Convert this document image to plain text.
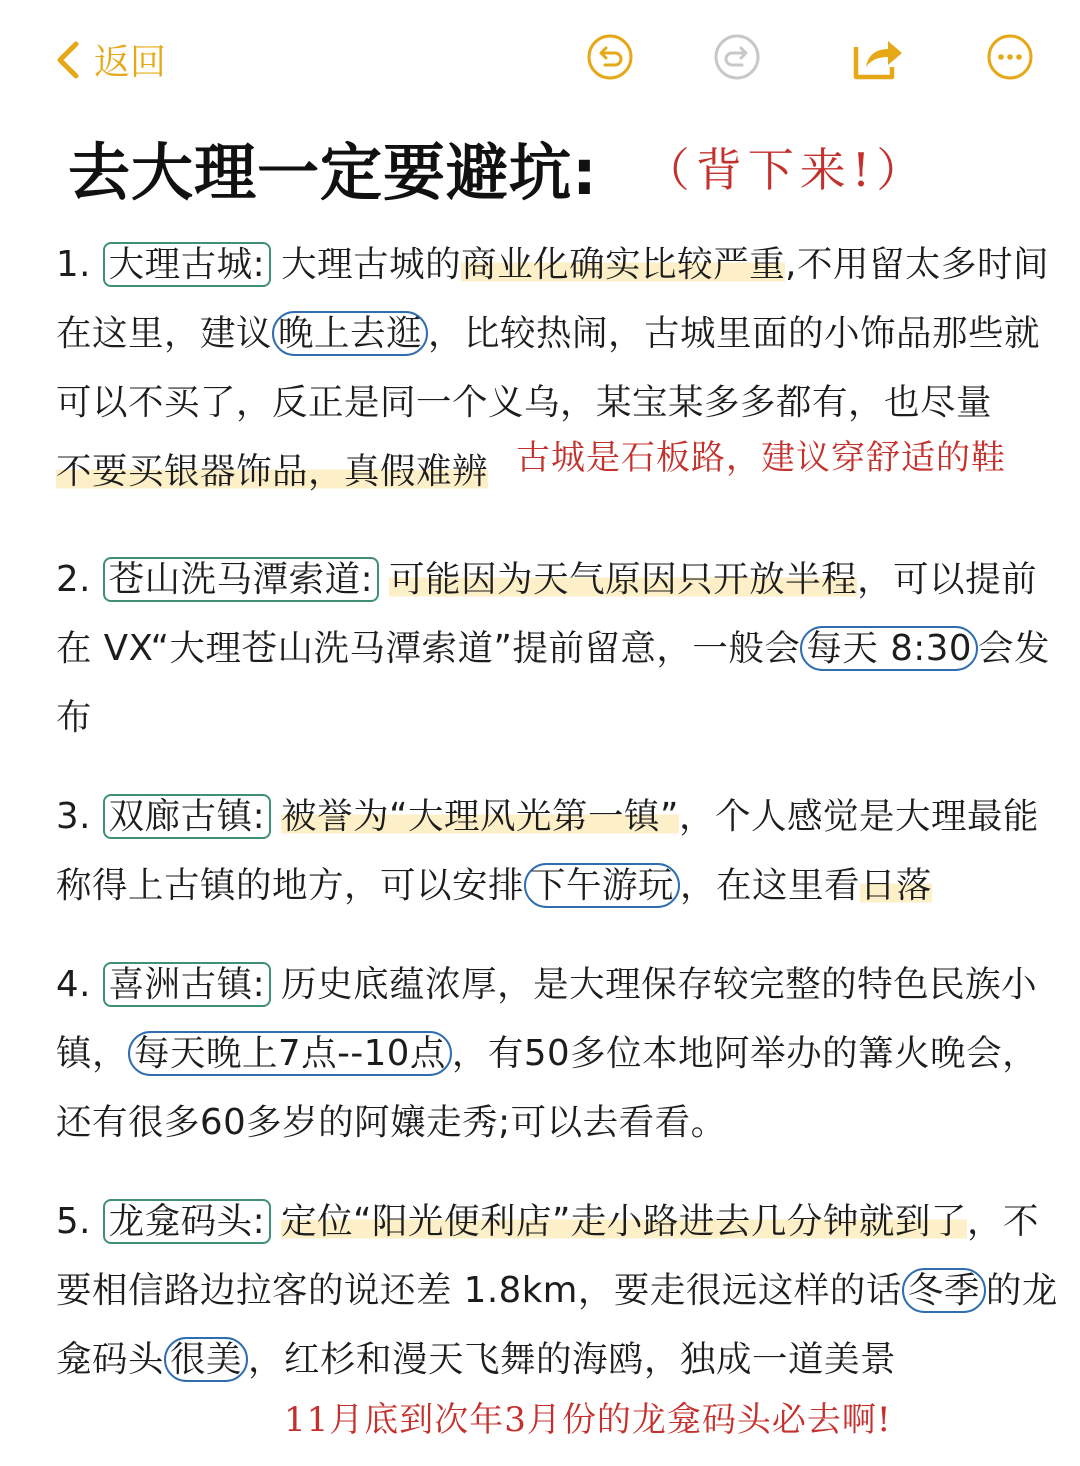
返回
去大理一定要避坑: （背下来!）
1. 大理古城: 大理古城的商业化确实比较严重,不用留太多时间在这里，建议 晚上去逛 ，比较热闹，古城里面的小饰品那些就可以不买了，反正是同一个义乌，某宝某多多都有，也尽量
不要买银器饰品，真假难辨 古城是石板路，建议穿舒适的鞋
2. 苍山洗马潭索道: 可能因为天气原因只开放半程，可以提前在 VX“大理苍山洗马潭索道”提前留意，一般会 每天 8:30 会发布
3. 双廊古镇: 被誉为“大理风光第一镇”，个人感觉是大理最能称得上古镇的地方，可以安排 下午游玩 ，在这里看日落
4. 喜洲古镇: 历史底蕴浓厚，是大理保存较完整的特色民族小镇， 每天晚上7点--10点 ，有50多位本地阿举办的篝火晚会，还有很多60多岁的阿孃走秀;可以去看看。
5. 龙龛码头: 定位“阳光便利店”走小路进去几分钟就到了，不要相信路边拉客的说还差 1.8km，要走很远这样的话 冬季 的龙龛码头 很美 ，红杉和漫天飞舞的海鸥，独成一道美景
11月底到次年3月份的龙龛码头必去啊!
